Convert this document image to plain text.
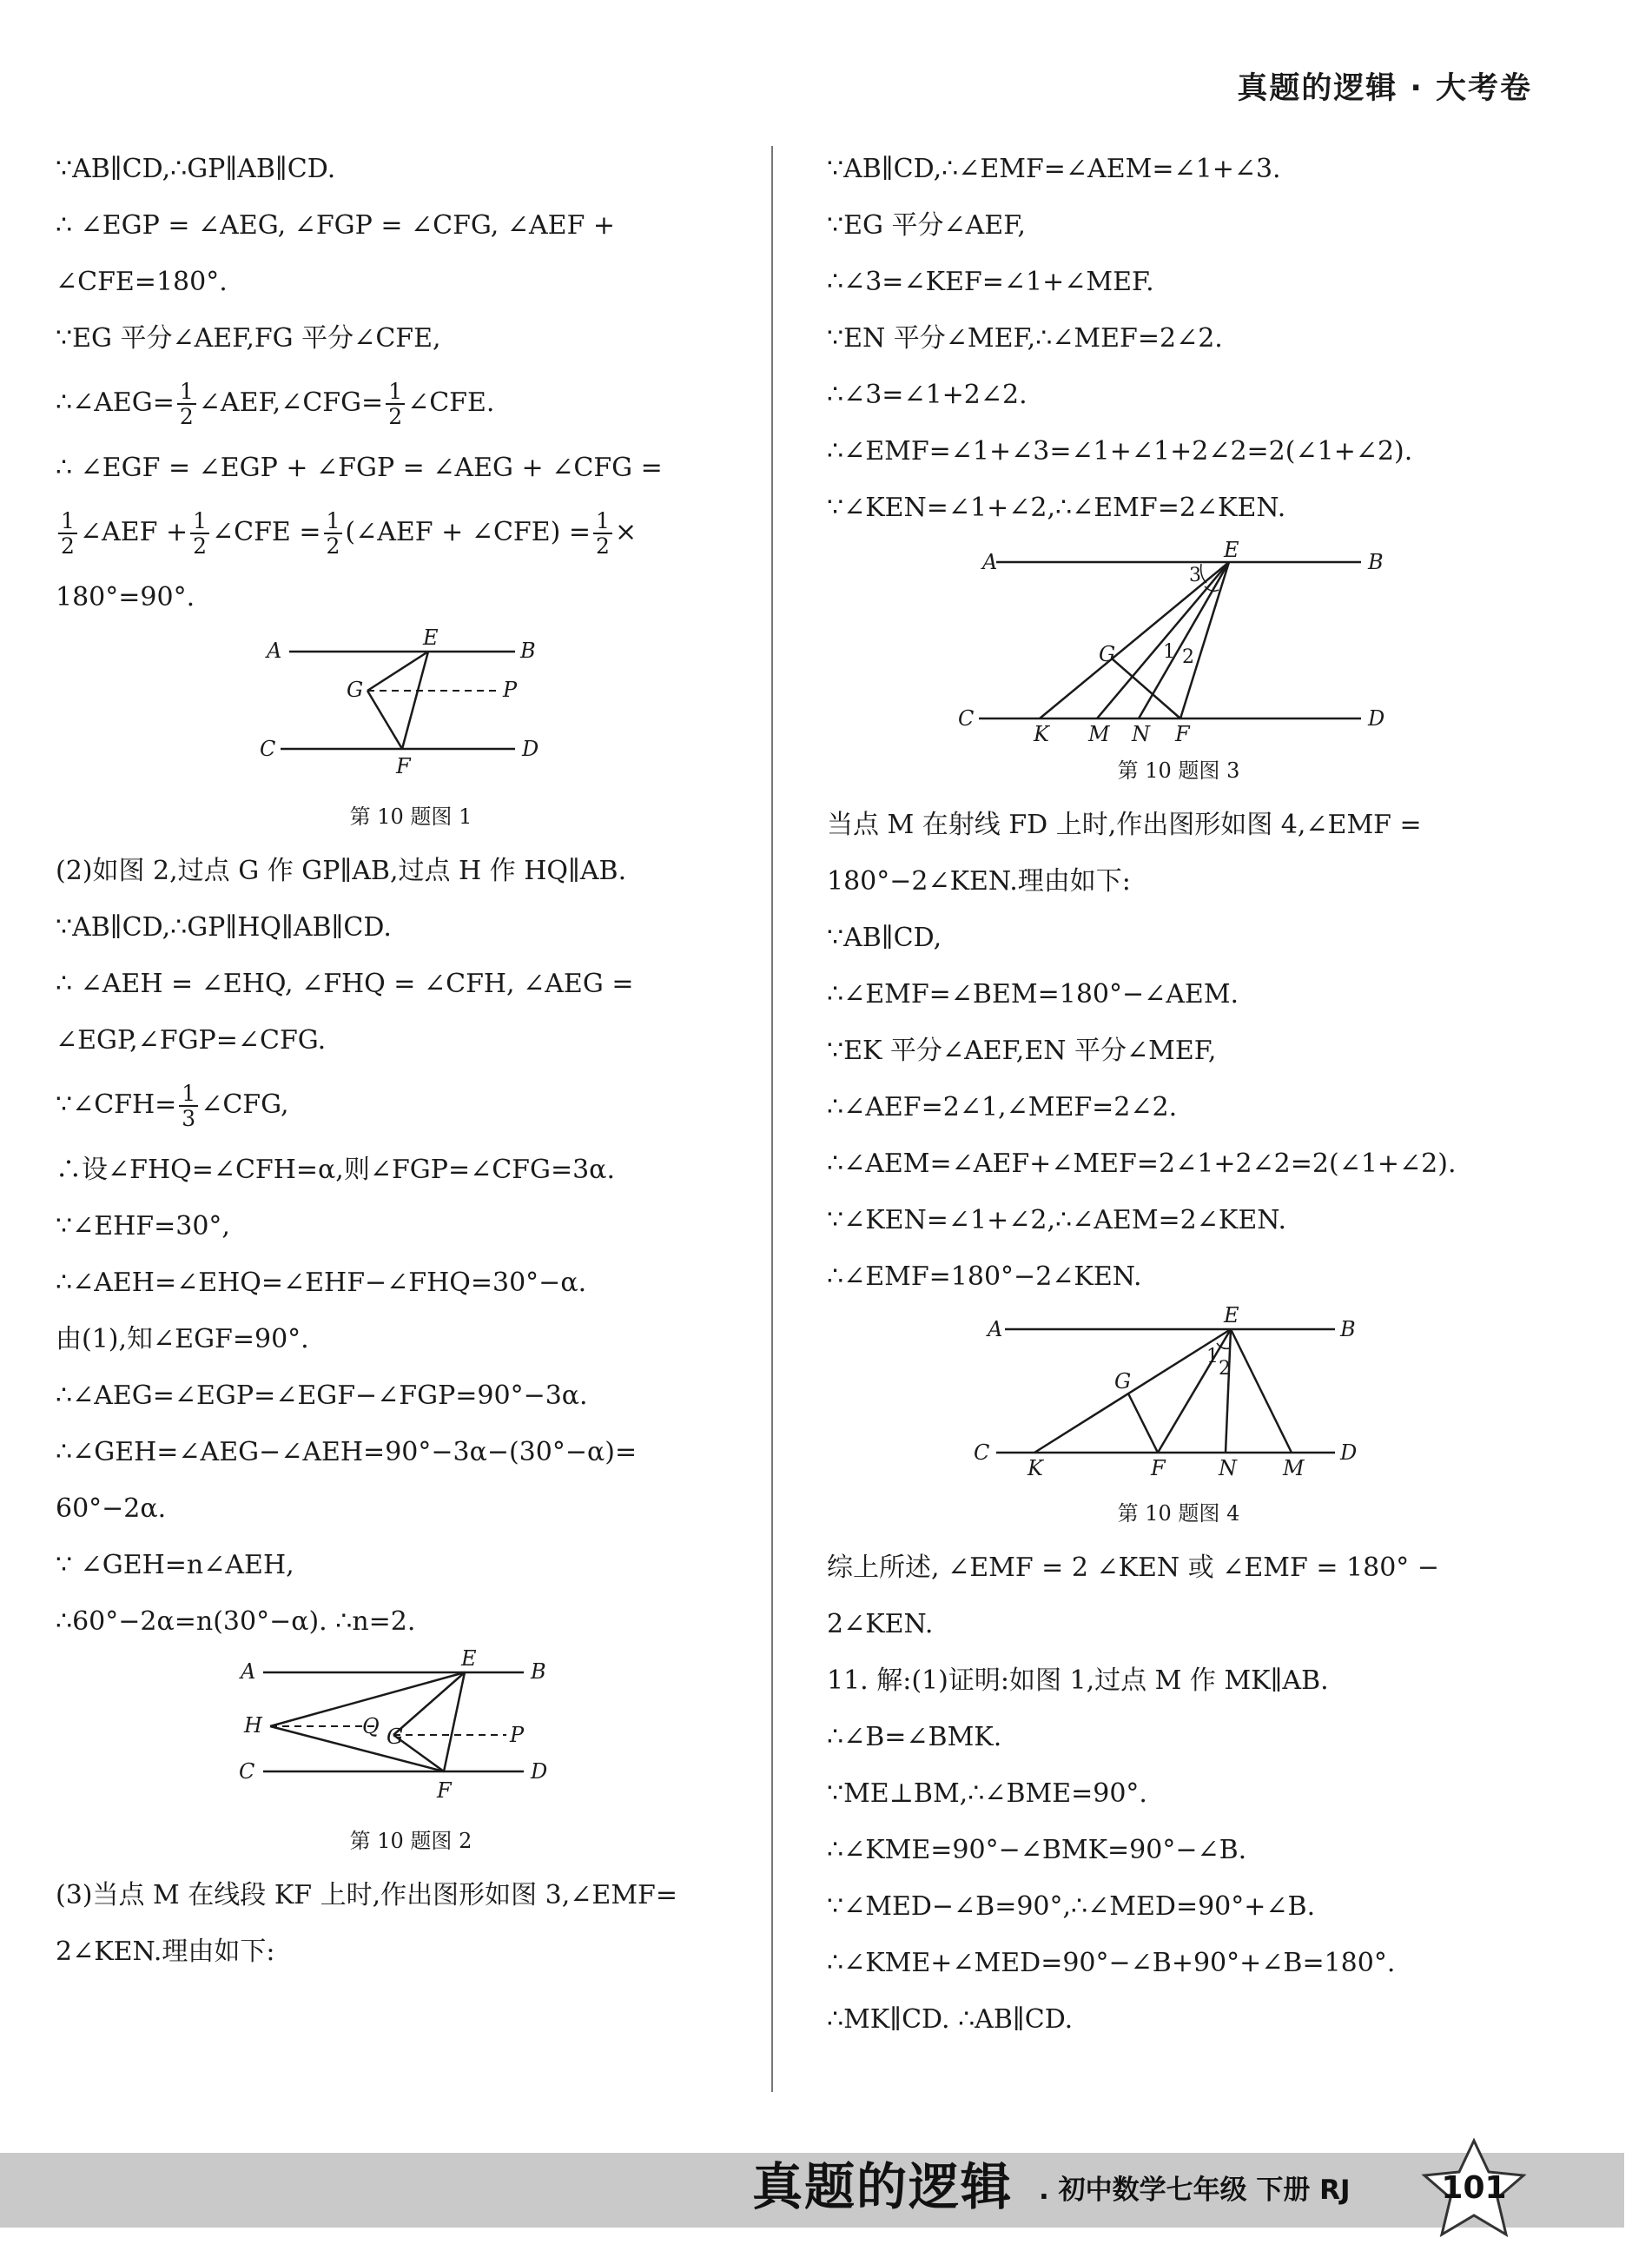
真题的逻辑 · 大考卷
∵AB∥CD,∴GP∥AB∥CD.
∴ ∠EGP = ∠AEG, ∠FGP = ∠CFG, ∠AEF +
∠CFE=180°.
∵EG 平分∠AEF,FG 平分∠CFE,
∴∠AEG= $\frac{1}{2}$ ∠AEF,∠CFG= $\frac{1}{2}$ ∠CFE.
∴ ∠EGF = ∠EGP + ∠FGP = ∠AEG + ∠CFG =
$\frac{1}{2}$ ∠AEF + $\frac{1}{2}$ ∠CFE = $\frac{1}{2}$ (∠AEF + ∠CFE) = $\frac{1}{2}$ ×
180°=90°.
A	B
E
G	P
C	D
F
第 10 题图 1
(2)如图 2,过点 G 作 GP∥AB,过点 H 作 HQ∥AB.
∵AB∥CD,∴GP∥HQ∥AB∥CD.
∴ ∠AEH = ∠EHQ, ∠FHQ = ∠CFH, ∠AEG =
∠EGP,∠FGP=∠CFG.
∵∠CFH= $\frac{1}{3}$ ∠CFG,
∴设∠FHQ=∠CFH=α,则∠FGP=∠CFG=3α.
∵∠EHF=30°,
∴∠AEH=∠EHQ=∠EHF−∠FHQ=30°−α.
由(1),知∠EGF=90°.
∴∠AEG=∠EGP=∠EGF−∠FGP=90°−3α.
∴∠GEH=∠AEG−∠AEH=90°−3α−(30°−α)=
60°−2α.
∵ ∠GEH=n∠AEH,
∴60°−2α=n(30°−α). ∴n=2.
A	B
E
H	Q G	P
C	D
F
第 10 题图 2
(3)当点 M 在线段 KF 上时,作出图形如图 3,∠EMF=
2∠KEN.理由如下:
∵AB∥CD,∴∠EMF=∠AEM=∠1+∠3.
∵EG 平分∠AEF,
∴∠3=∠KEF=∠1+∠MEF.
∵EN 平分∠MEF,∴∠MEF=2∠2.
∴∠3=∠1+2∠2.
∴∠EMF=∠1+∠3=∠1+∠1+2∠2=2(∠1+∠2).
∵∠KEN=∠1+∠2,∴∠EMF=2∠KEN.
A	B
E
3
G 1 2
C	D
K M N F
第 10 题图 3
当点 M 在射线 FD 上时,作出图形如图 4,∠EMF =
180°−2∠KEN.理由如下:
∵AB∥CD,
∴∠EMF=∠BEM=180°−∠AEM.
∵EK 平分∠AEF,EN 平分∠MEF,
∴∠AEF=2∠1,∠MEF=2∠2.
∴∠AEM=∠AEF+∠MEF=2∠1+2∠2=2(∠1+∠2).
∵∠KEN=∠1+∠2,∴∠AEM=2∠KEN.
∴∠EMF=180°−2∠KEN.
A	B
E
G
1
2
C	D
K	F	N M
第 10 题图 4
综上所述, ∠EMF = 2 ∠KEN 或 ∠EMF = 180° −
2∠KEN.
11. 解:(1)证明:如图 1,过点 M 作 MK∥AB.
∴∠B=∠BMK.
∵ME⊥BM,∴∠BME=90°.
∴∠KME=90°−∠BMK=90°−∠B.
∵∠MED−∠B=90°,∴∠MED=90°+∠B.
∴∠KME+∠MED=90°−∠B+90°+∠B=180°.
∴MK∥CD. ∴AB∥CD.
真题的逻辑 . 初中数学七年级 下册 RJ	101
